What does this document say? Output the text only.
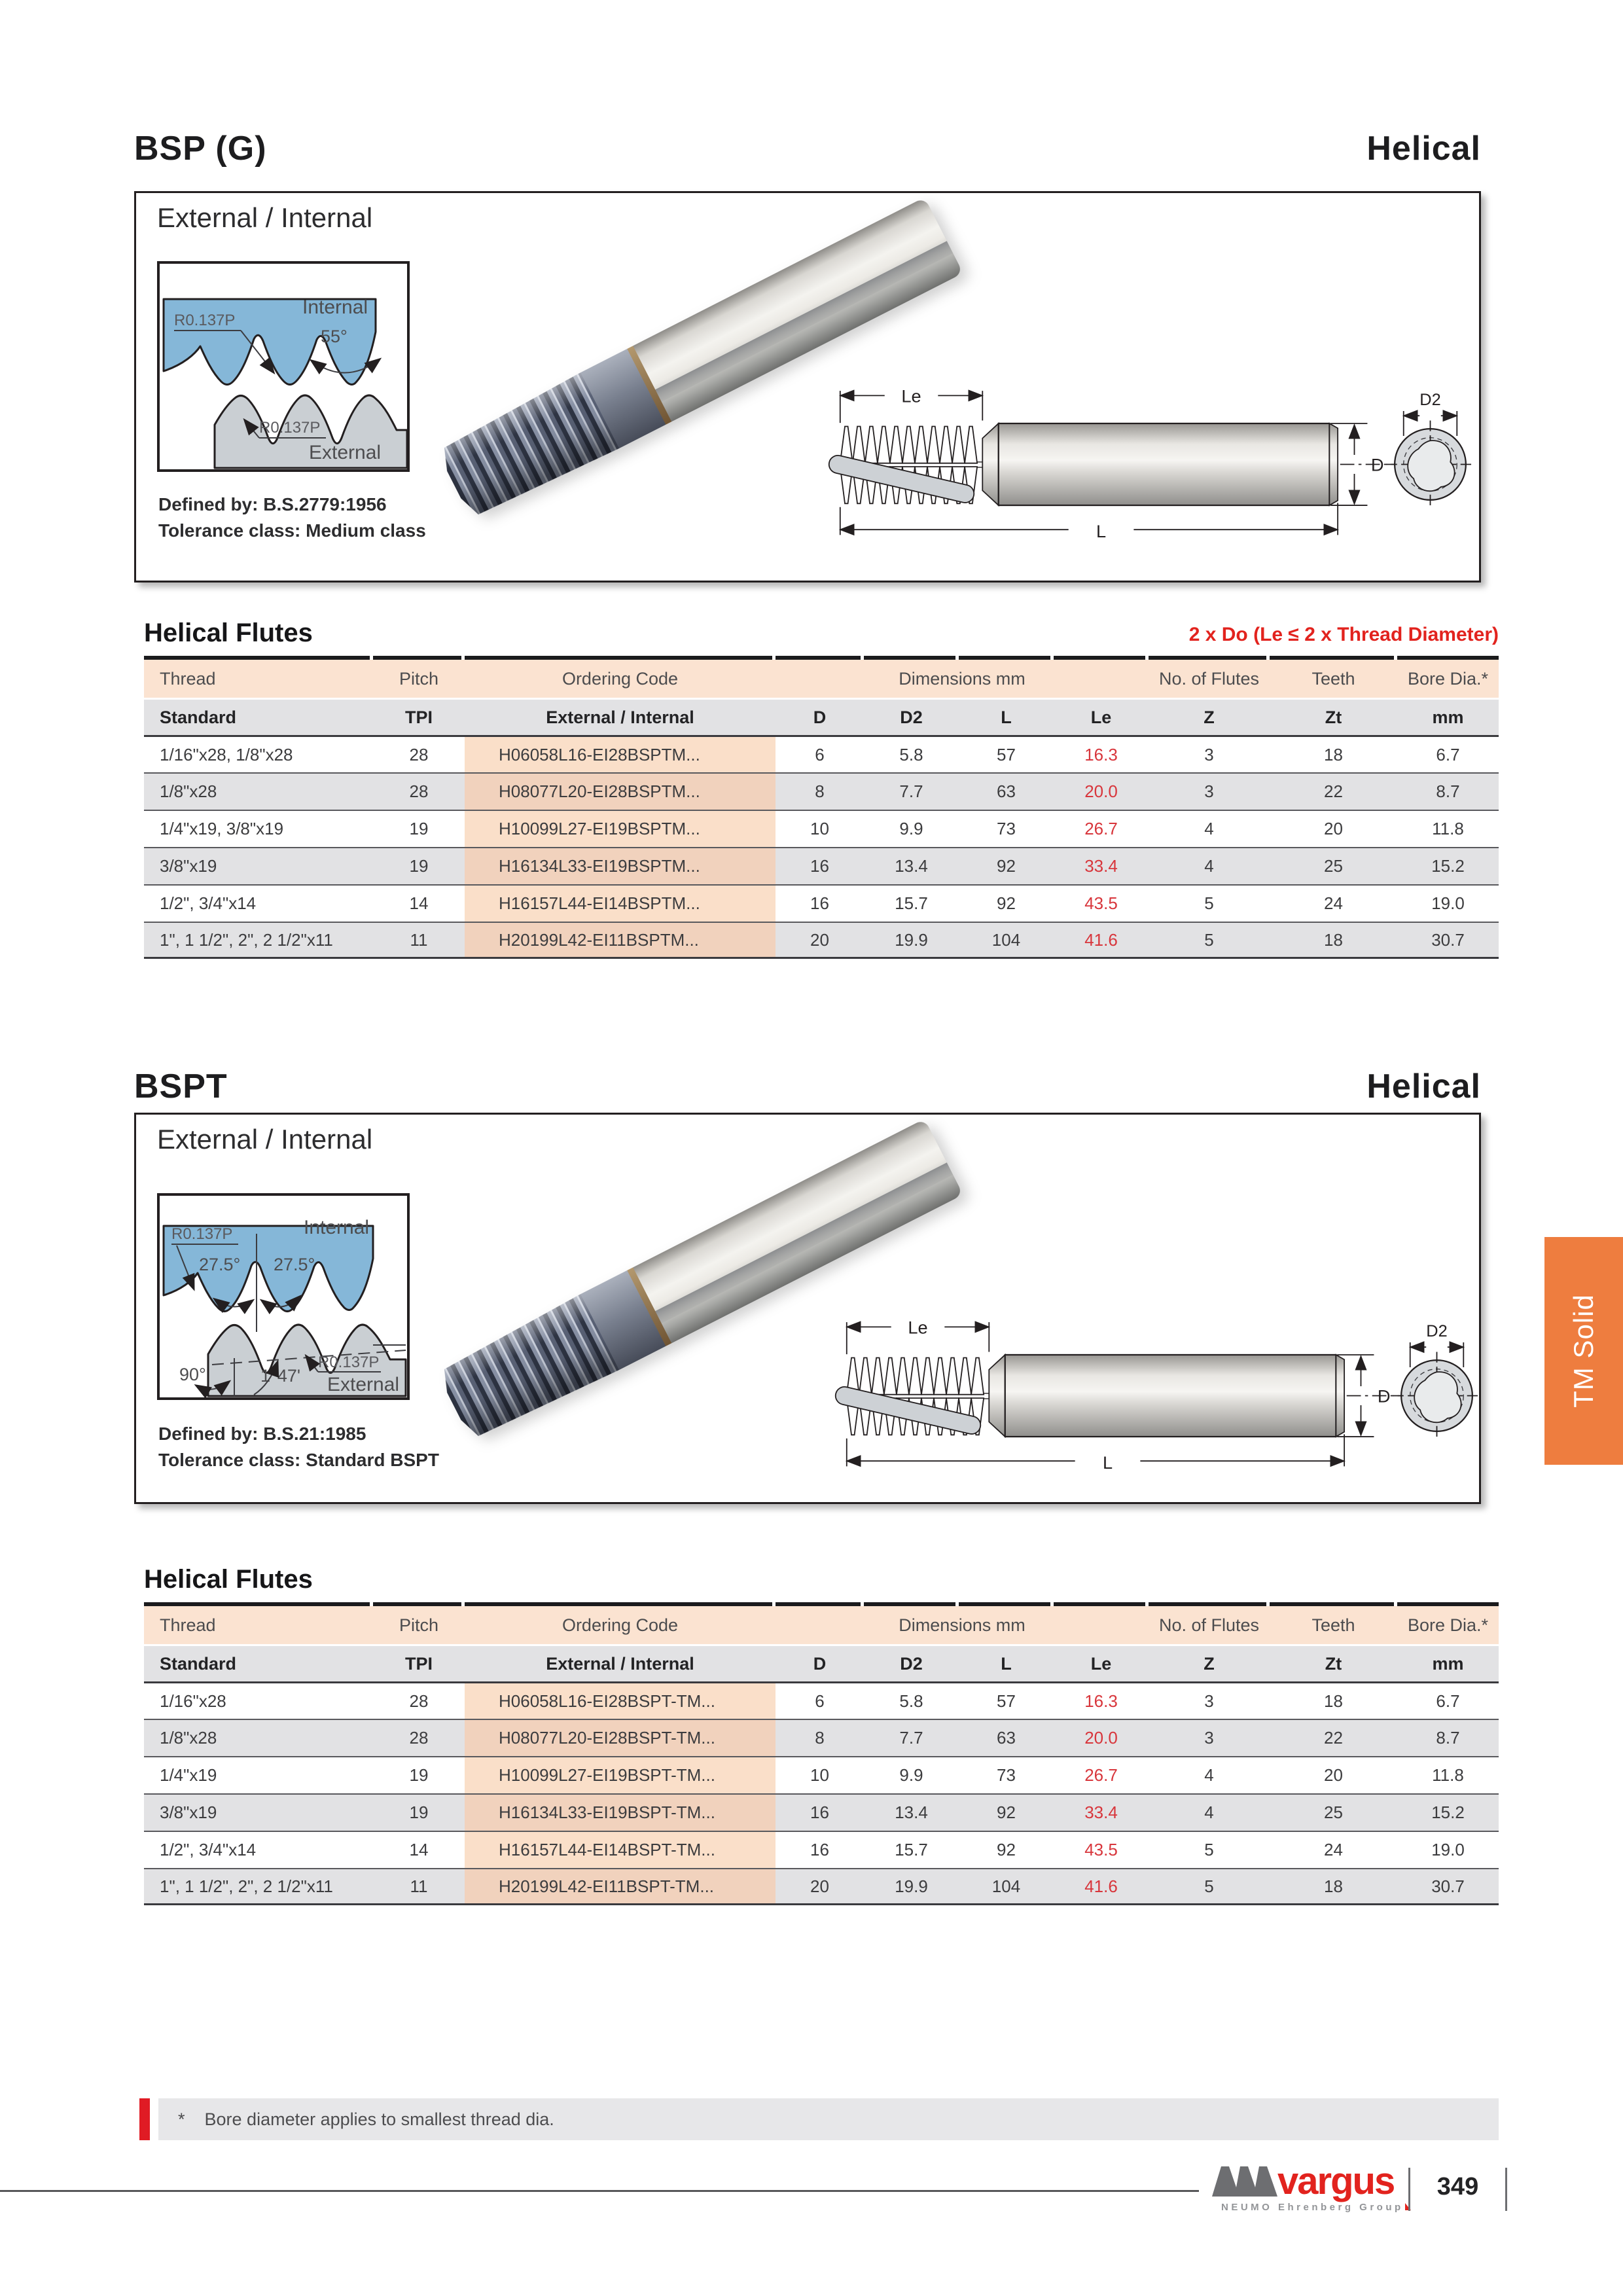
BSP (G)	Helical
External / Internal
R0.137P
Internal
55°
R0.137P
External
Defined by: B.S.2779:1956
Tolerance class: Medium class
Le
L
D
D2
Helical Flutes	2 x Do (Le ≤ 2 x Thread Diameter)
Thread	Pitch	Ordering Code	Dimensions mm	No. of Flutes	Teeth	Bore Dia.*
Standard	TPI	External / Internal	D	D2	L	Le	Z	Zt	mm
1/16"x28, 1/8"x28	28	H06058L16-EI28BSPTM...	6	5.8	57	16.3	3	18	6.7
1/8"x28	28	H08077L20-EI28BSPTM...	8	7.7	63	20.0	3	22	8.7
1/4"x19, 3/8"x19	19	H10099L27-EI19BSPTM...	10	9.9	73	26.7	4	20	11.8
3/8"x19	19	H16134L33-EI19BSPTM...	16	13.4	92	33.4	4	25	15.2
1/2", 3/4"x14	14	H16157L44-EI14BSPTM...	16	15.7	92	43.5	5	24	19.0
1", 1 1/2", 2", 2 1/2"x11	11	H20199L42-EI11BSPTM...	20	19.9	104	41.6	5	18	30.7
BSPT	Helical
External / Internal
R0.137P
27.5° 27.5°
Internal
90°	1°47'
R0.137P
External
Defined by: B.S.21:1985
Tolerance class: Standard BSPT
Le
L
D
D2
Helical Flutes
Thread	Pitch	Ordering Code	Dimensions mm	No. of Flutes	Teeth	Bore Dia.*
Standard	TPI	External / Internal	D	D2	L	Le	Z	Zt	mm
1/16"x28	28	H06058L16-EI28BSPT-TM...	6	5.8	57	16.3	3	18	6.7
1/8"x28	28	H08077L20-EI28BSPT-TM...	8	7.7	63	20.0	3	22	8.7
1/4"x19	19	H10099L27-EI19BSPT-TM...	10	9.9	73	26.7	4	20	11.8
3/8"x19	19	H16134L33-EI19BSPT-TM...	16	13.4	92	33.4	4	25	15.2
1/2", 3/4"x14	14	H16157L44-EI14BSPT-TM...	16	15.7	92	43.5	5	24	19.0
1", 1 1/2", 2", 2 1/2"x11	11	H20199L42-EI11BSPT-TM...	20	19.9	104	41.6	5	18	30.7
TM Solid
* Bore diameter applies to smallest thread dia.
vargus
NEUMO Ehrenberg Group
349
